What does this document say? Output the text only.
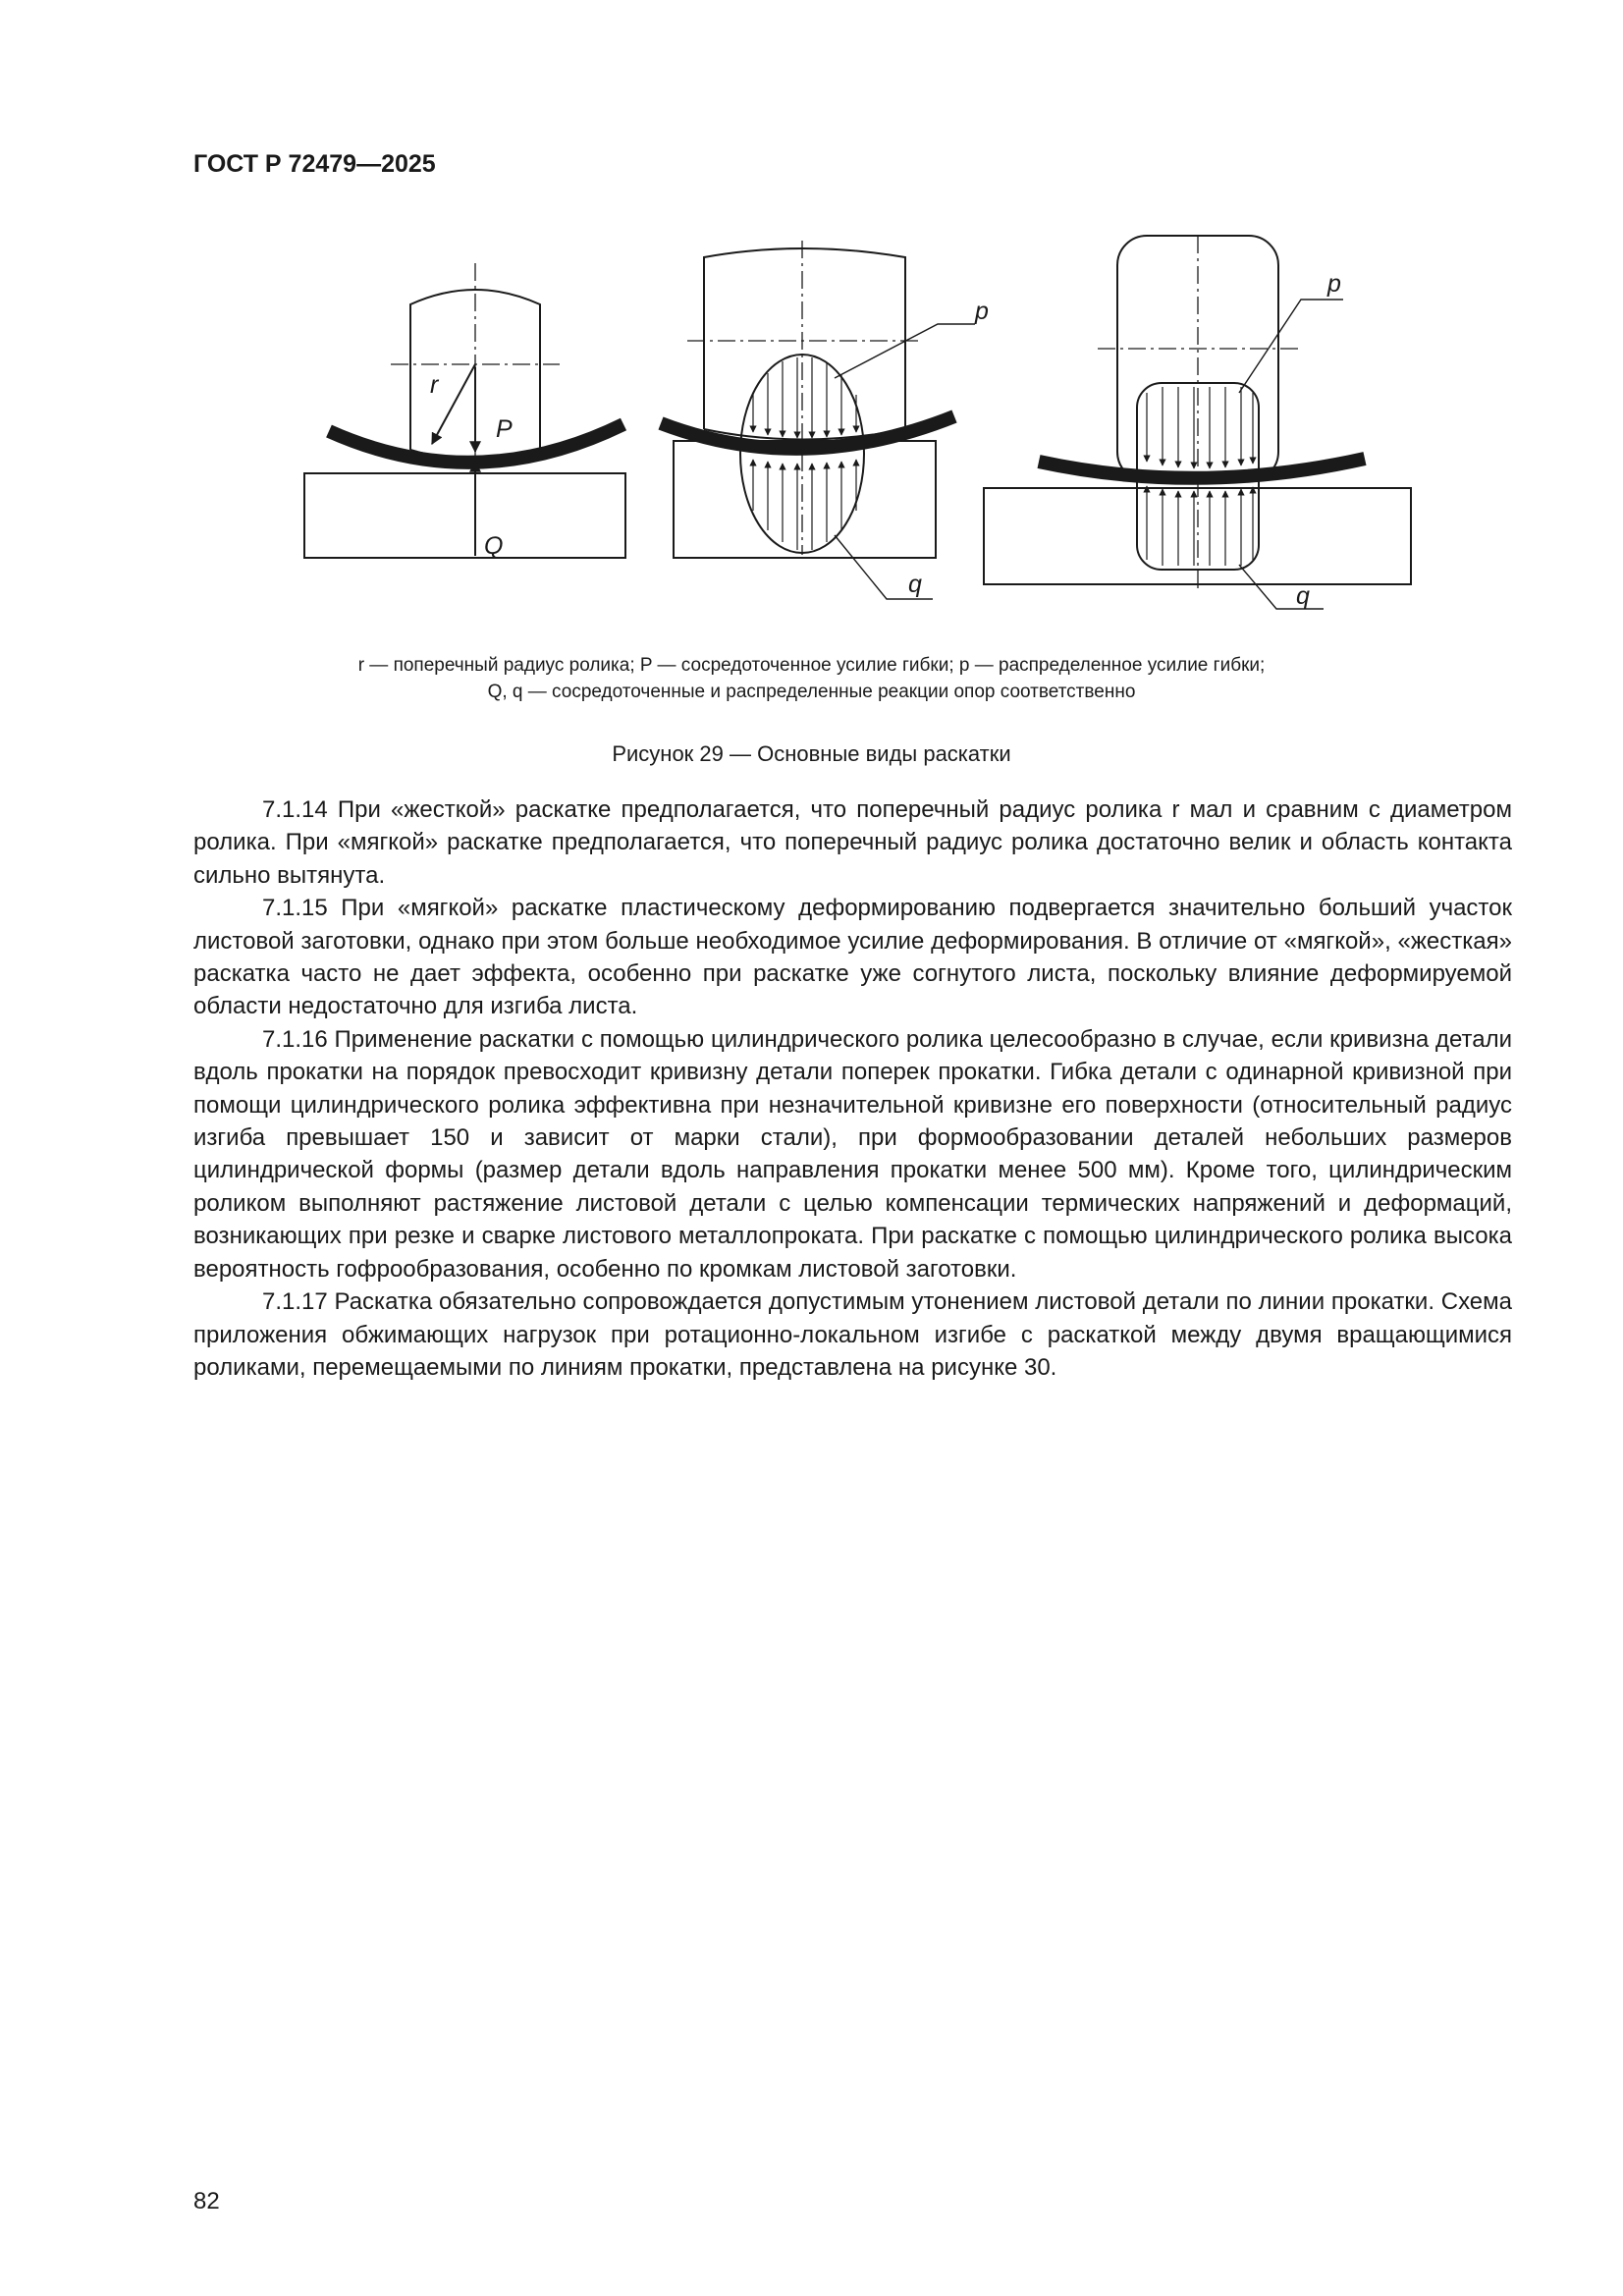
ГОСТ Р 72479—2025
r
P
Q
p
q
p
q
r — поперечный радиус ролика; P — сосредоточенное усилие гибки; p — распределенное усилие гибки;
Q, q — сосредоточенные и распределенные реакции опор соответственно
Рисунок 29 — Основные виды раскатки

7.1.14 При «жесткой» раскатке предполагается, что поперечный радиус ролика r мал и сравним с диаметром ролика. При «мягкой» раскатке предполагается, что поперечный радиус ролика достаточно велик и область контакта сильно вытянута.

7.1.15 При «мягкой» раскатке пластическому деформированию подвергается значительно больший участок листовой заготовки, однако при этом больше необходимое усилие деформирования. В отличие от «мягкой», «жесткая» раскатка часто не дает эффекта, особенно при раскатке уже согнутого листа, поскольку влияние деформируемой области недостаточно для изгиба листа.

7.1.16 Применение раскатки с помощью цилиндрического ролика целесообразно в случае, если кривизна детали вдоль прокатки на порядок превосходит кривизну детали поперек прокатки. Гибка детали с одинарной кривизной при помощи цилиндрического ролика эффективна при незначительной кривизне его поверхности (относительный радиус изгиба превышает 150 и зависит от марки стали), при формообразовании деталей небольших размеров цилиндрической формы (размер детали вдоль направления прокатки менее 500 мм). Кроме того, цилиндрическим роликом выполняют растяжение листовой детали с целью компенсации термических напряжений и деформаций, возникающих при резке и сварке листового металлопроката. При раскатке с помощью цилиндрического ролика высока вероятность гофрообразования, особенно по кромкам листовой заготовки.

7.1.17 Раскатка обязательно сопровождается допустимым утонением листовой детали по линии прокатки. Схема приложения обжимающих нагрузок при ротационно-локальном изгибе с раскаткой между двумя вращающимися роликами, перемещаемыми по линиям прокатки, представлена на рисунке 30.

82
